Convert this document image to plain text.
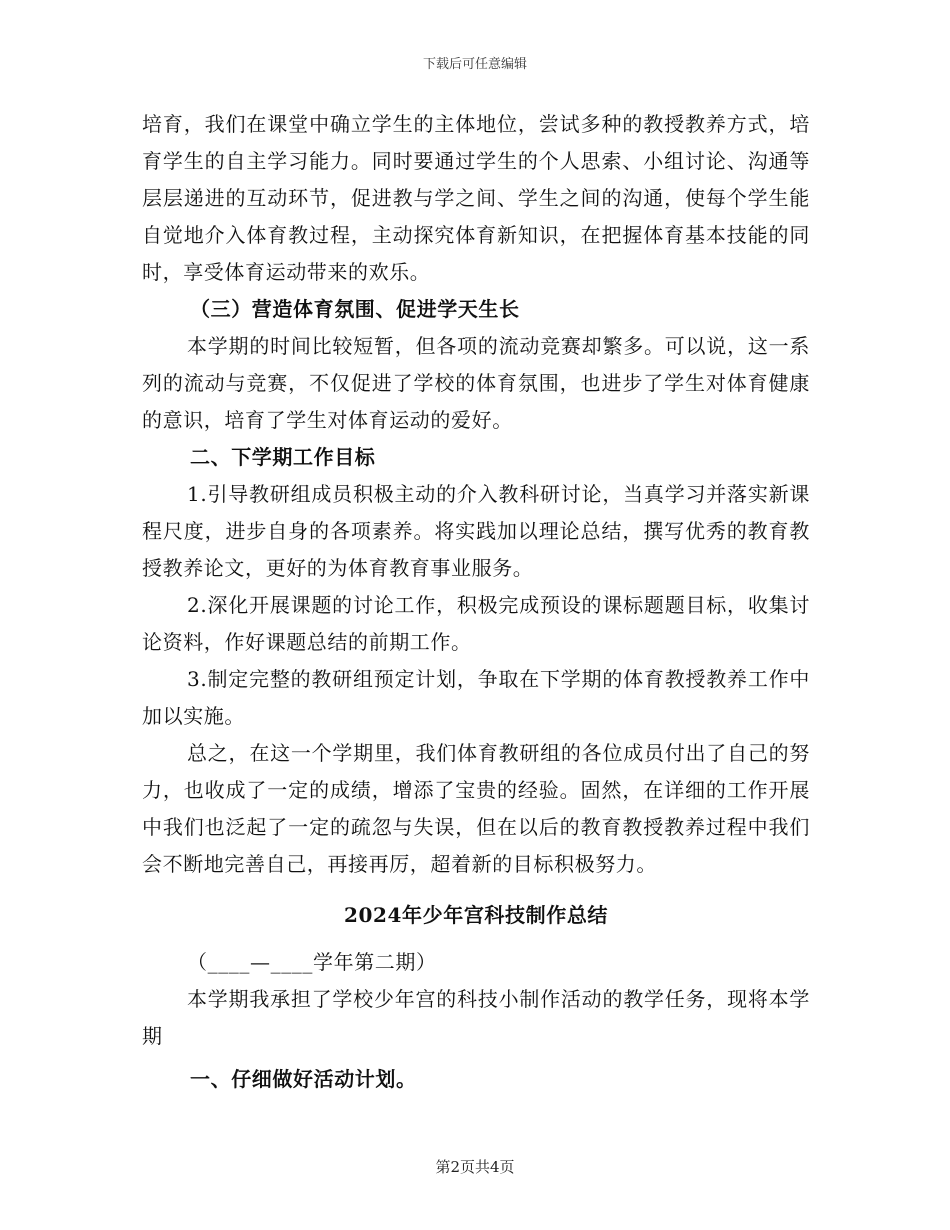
下载后可任意编辑

培育，我们在课堂中确立学生的主体地位，尝试多种的教授教养方式，培育学生的自主学习能力。同时要通过学生的个人思索、小组讨论、沟通等层层递进的互动环节，促进教与学之间、学生之间的沟通，使每个学生能自觉地介入体育教过程，主动探究体育新知识，在把握体育基本技能的同时，享受体育运动带来的欢乐。

（三）营造体育氛围、促进学天生长

本学期的时间比较短暂，但各项的流动竞赛却繁多。可以说，这一系列的流动与竞赛，不仅促进了学校的体育氛围，也进步了学生对体育健康的意识，培育了学生对体育运动的爱好。

二、下学期工作目标

1.引导教研组成员积极主动的介入教科研讨论，当真学习并落实新课程尺度，进步自身的各项素养。将实践加以理论总结，撰写优秀的教育教授教养论文，更好的为体育教育事业服务。

2.深化开展课题的讨论工作，积极完成预设的课标题题目标，收集讨论资料，作好课题总结的前期工作。

3.制定完整的教研组预定计划，争取在下学期的体育教授教养工作中加以实施。

总之，在这一个学期里，我们体育教研组的各位成员付出了自己的努力，也收成了一定的成绩，增添了宝贵的经验。固然，在详细的工作开展中我们也泛起了一定的疏忽与失误，但在以后的教育教授教养过程中我们会不断地完善自己，再接再厉，超着新的目标积极努力。

2024年少年宫科技制作总结

（____—____学年第二期）

本学期我承担了学校少年宫的科技小制作活动的教学任务，现将本学期

一、仔细做好活动计划。

第2页共4页
